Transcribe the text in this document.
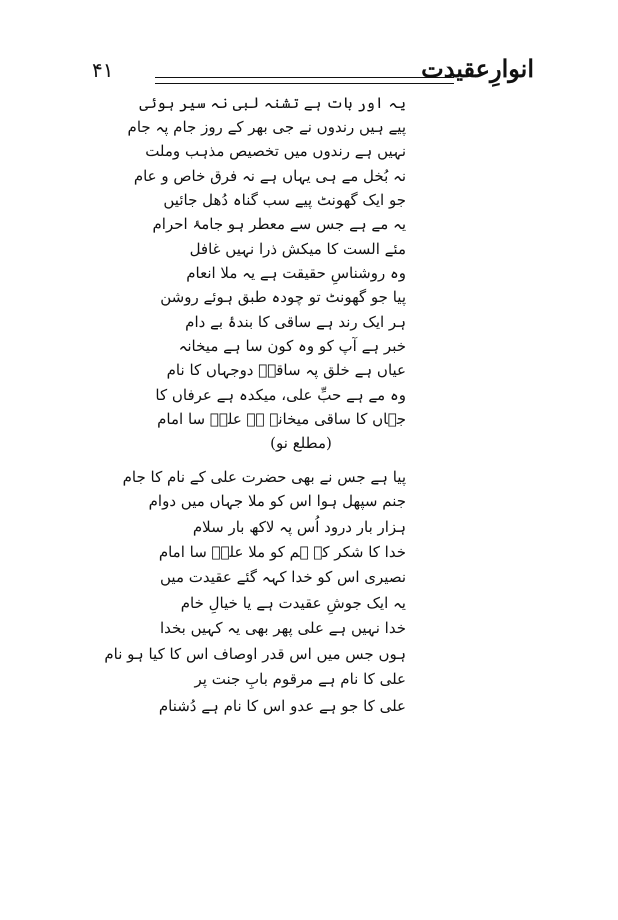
۴۱	انوارِعقیدت
یہ اور بات ہے تشنہ لبی نہ سیر ہوئی
پیے ہیں رندوں نے جی بھر کے روز جام پہ جام
نہیں ہے رندوں میں تخصیص مذہب وملت
نہ بُخل مے ہی یہاں ہے نہ فرق خاص و عام
جو ایک گھونٹ پیے سب گناہ دُھل جائیں
یہ مے ہے جس سے معطر ہو جامۂ احرام
مئے الست کا میکش ذرا نہیں غافل
وہ روشناسِ حقیقت ہے یہ ملا انعام
پیا جو گھونٹ تو چودہ طبق ہوئے روشن
ہر ایک رند ہے ساقی کا بندۂ بے دام
خبر ہے آپ کو وہ کون سا ہے میخانہ
عیاں ہے خلق پہ ساقیؑ دوجہاں کا نام
وہ مے ہے حبِّ علی، میکدہ ہے عرفاں کا
جہاں کا ساقی میخانہ ہے علیؑ سا امام
(مطلع نو)
پیا ہے جس نے بھی حضرت علی کے نام کا جام
جنم سپھل ہوا اس کو ملا جہاں میں دوام
ہزار بار درود اُس پہ لاکھ بار سلام
خدا کا شکر کہ ہم کو ملا علیؑ سا امام
نصیری اس کو خدا کہہ گئے عقیدت میں
یہ ایک جوشِ عقیدت ہے یا خیالِ خام
خدا نہیں ہے علی پھر بھی یہ کہیں بخدا
ہوں جس میں اس قدر اوصاف اس کا کیا ہو نام
علی کا نام ہے مرقوم بابِ جنت پر
علی کا جو ہے عدو اس کا نام ہے دُشنام
